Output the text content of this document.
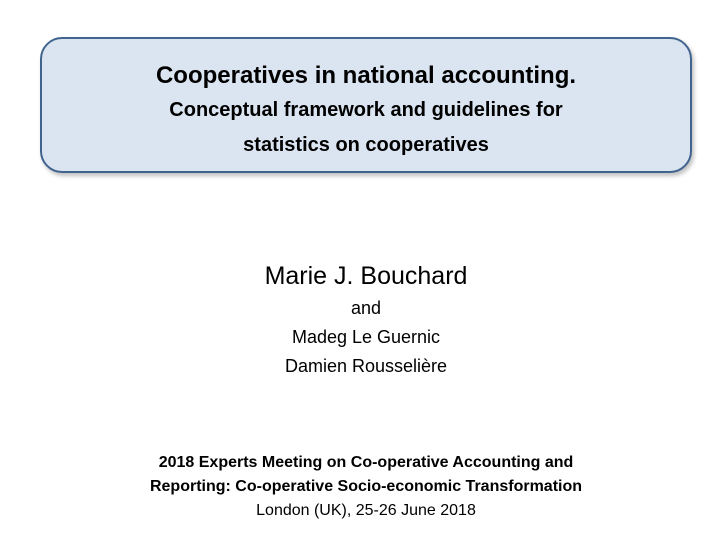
Cooperatives in national accounting.
Conceptual framework and guidelines for
statistics on cooperatives
Marie J. Bouchard
and
Madeg Le Guernic
Damien Rousselière
2018 Experts Meeting on Co-operative Accounting and
Reporting: Co-operative Socio-economic Transformation
London (UK), 25-26 June 2018
